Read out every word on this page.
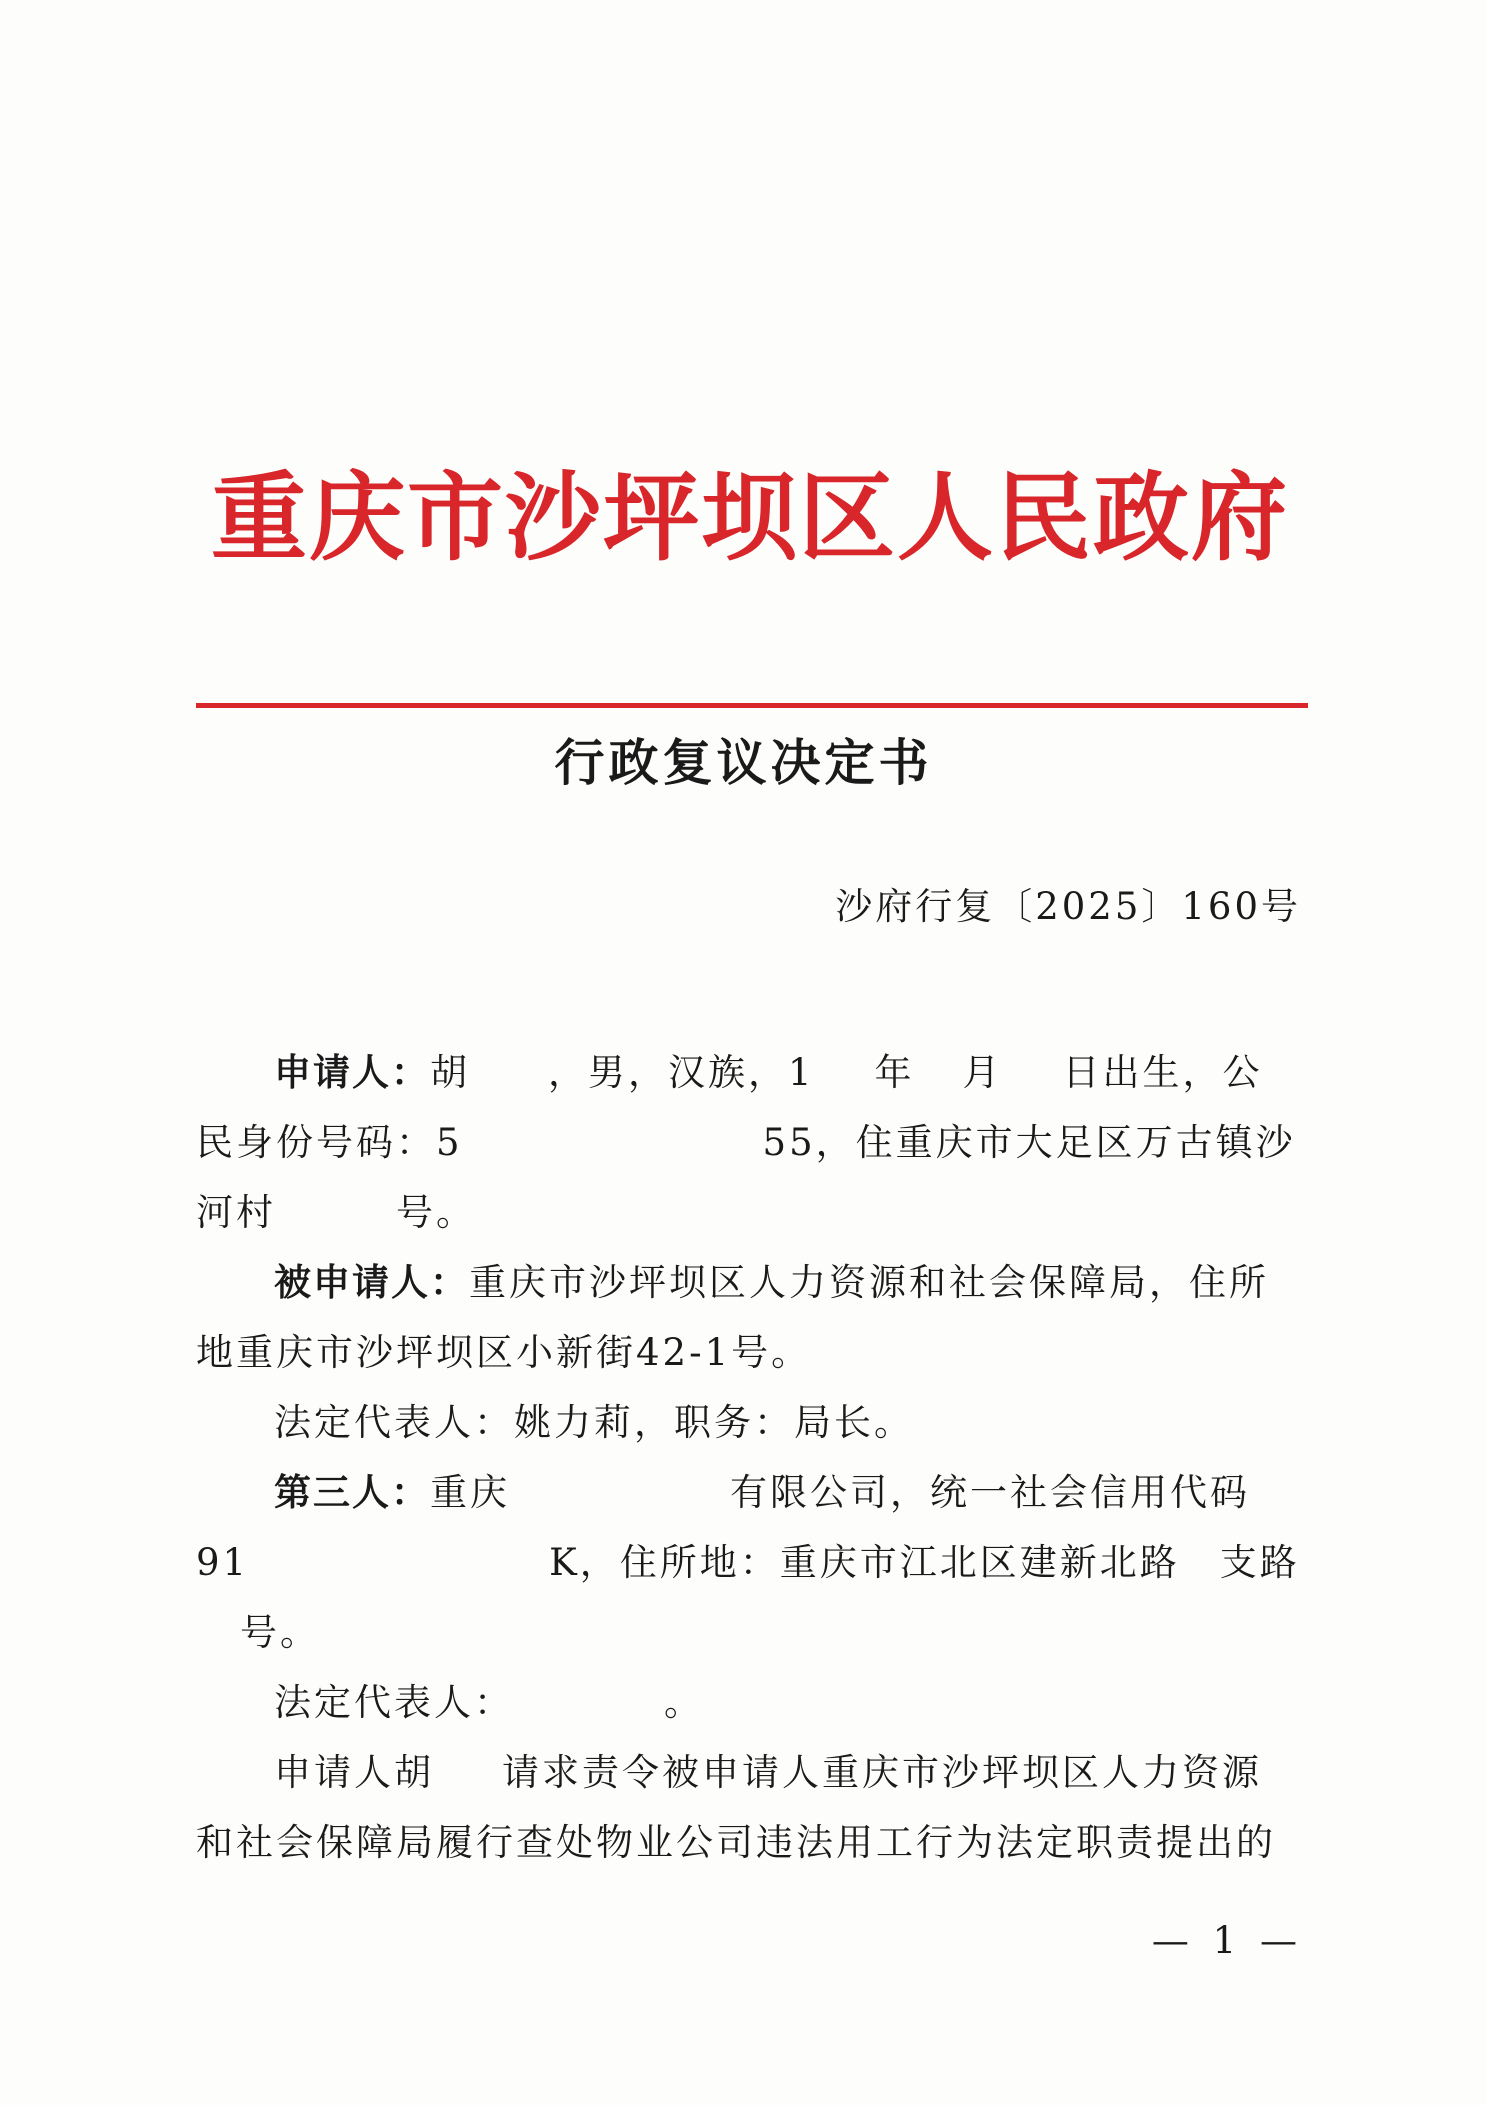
重庆市沙坪坝区人民政府
行政复议决定书
沙府行复〔2025〕160号
申请人：胡 ，男，汉族，1 年 月 日出生，公
民身份号码：5	55，住重庆市大足区万古镇沙
河村	号。
被申请人：重庆市沙坪坝区人力资源和社会保障局，住所
地重庆市沙坪坝区小新街42-1号。
法定代表人：姚力莉，职务：局长。
第三人：重庆	有限公司，统一社会信用代码
91	K，住所地：重庆市江北区建新北路 支路
号。
法定代表人：	。
申请人胡 请求责令被申请人重庆市沙坪坝区人力资源
和社会保障局履行查处物业公司违法用工行为法定职责提出的
— 1 —
